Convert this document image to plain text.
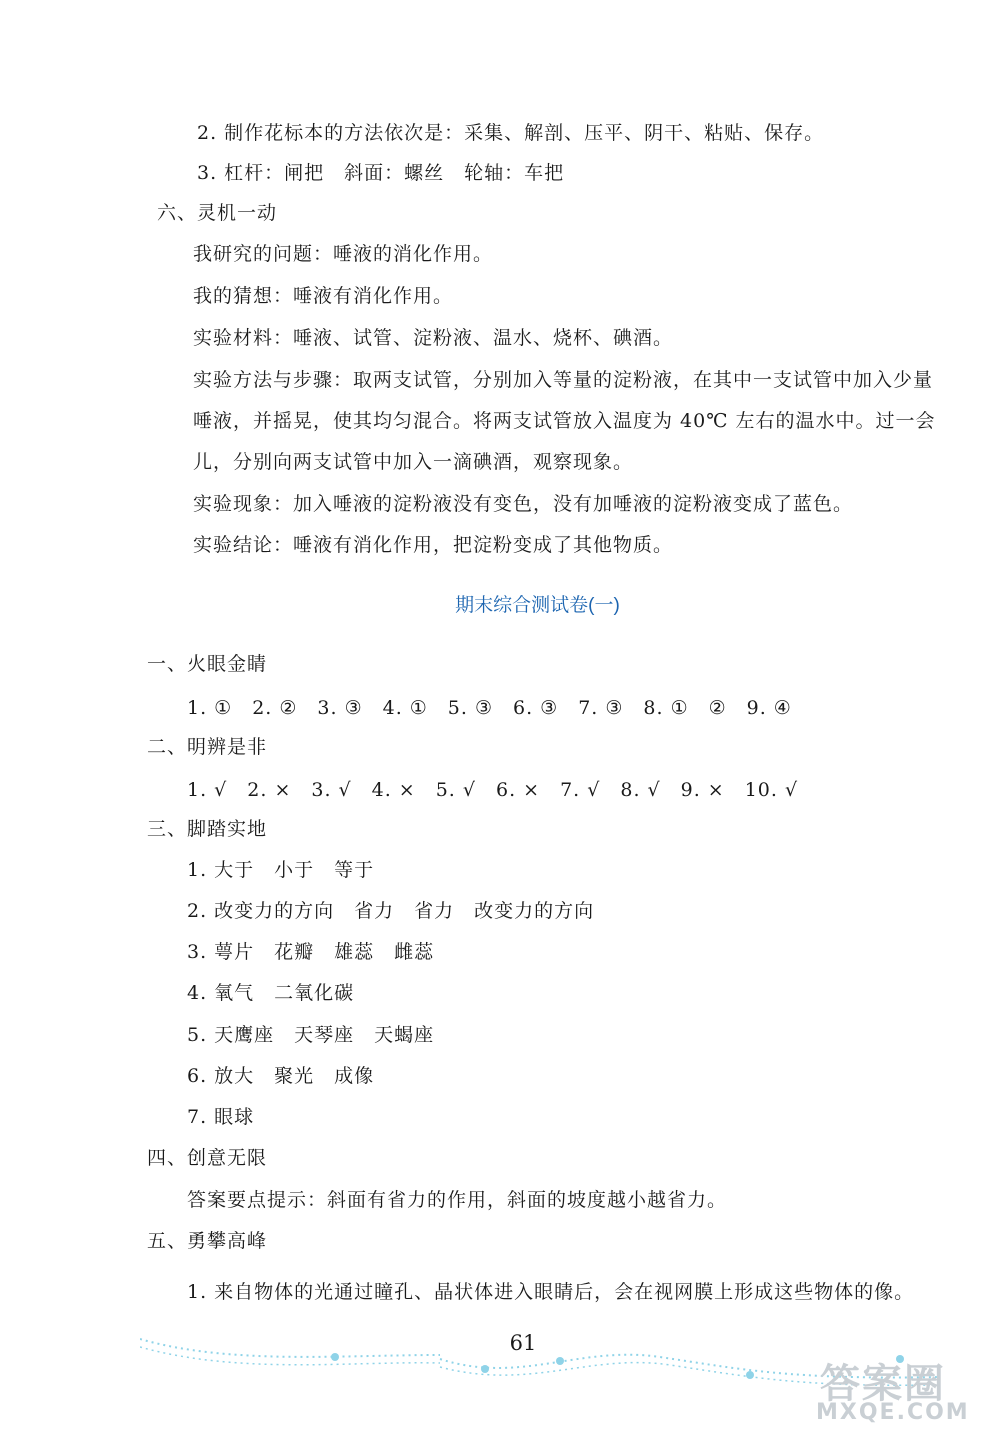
2. 制作花标本的方法依次是：采集、解剖、压平、阴干、粘贴、保存。
3. 杠杆：闸把　斜面：螺丝　轮轴：车把
六、灵机一动
我研究的问题：唾液的消化作用。
我的猜想：唾液有消化作用。
实验材料：唾液、试管、淀粉液、温水、烧杯、碘酒。
实验方法与步骤：取两支试管，分别加入等量的淀粉液，在其中一支试管中加入少量
唾液，并摇晃，使其均匀混合。将两支试管放入温度为 40℃ 左右的温水中。过一会
儿，分别向两支试管中加入一滴碘酒，观察现象。
实验现象：加入唾液的淀粉液没有变色，没有加唾液的淀粉液变成了蓝色。
实验结论：唾液有消化作用，把淀粉变成了其他物质。
期末综合测试卷(一)
一、火眼金睛
1. ①　2. ②　3. ③　4. ①　5. ③　6. ③　7. ③　8. ①　②　9. ④
二、明辨是非
1. √　2. ×　3. √　4. ×　5. √　6. ×　7. √　8. √　9. ×　10. √
三、脚踏实地
1. 大于　小于　等于
2. 改变力的方向　省力　省力　改变力的方向
3. 萼片　花瓣　雄蕊　雌蕊
4. 氧气　二氧化碳
5. 天鹰座　天琴座　天蝎座
6. 放大　聚光　成像
7. 眼球
四、创意无限
答案要点提示：斜面有省力的作用，斜面的坡度越小越省力。
五、勇攀高峰
1. 来自物体的光通过瞳孔、晶状体进入眼睛后，会在视网膜上形成这些物体的像。
61
答案圈
MXQE.COM
